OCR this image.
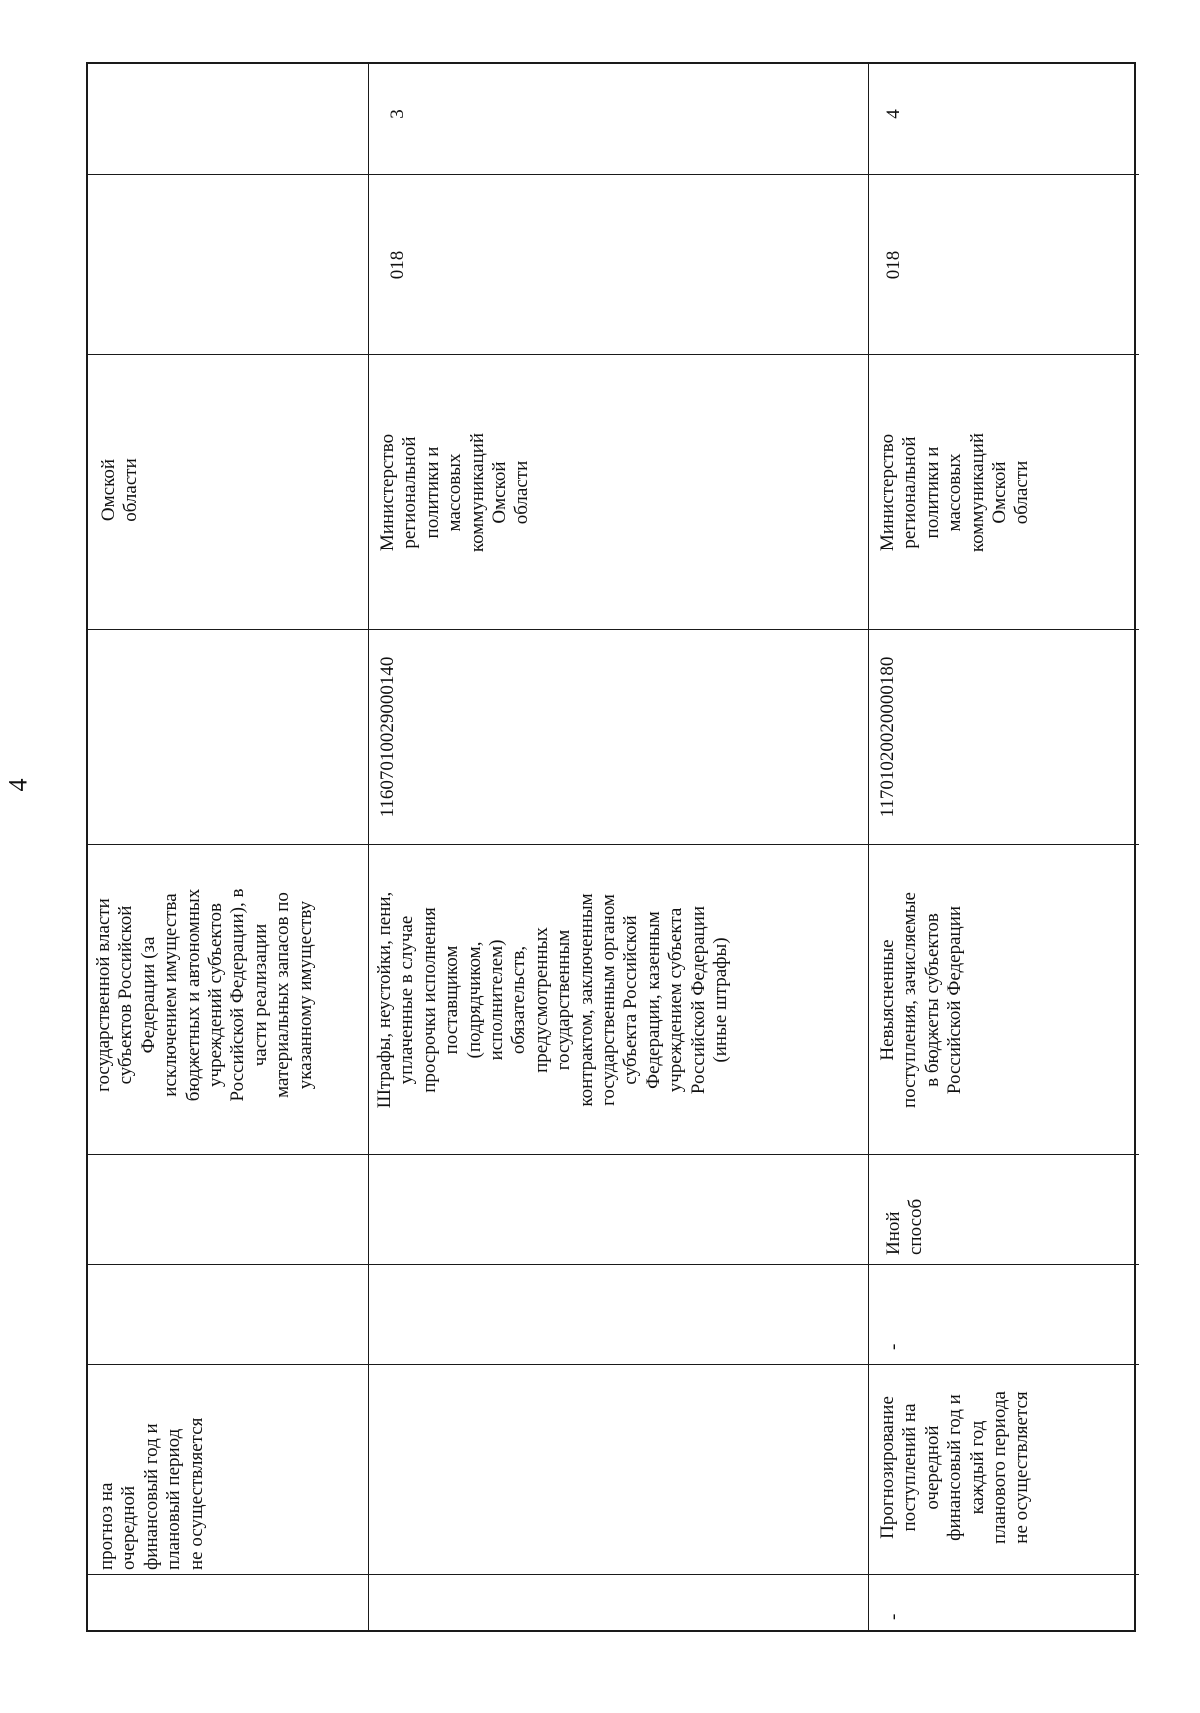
4
Омской
области
государственной власти
субъектов Российской
Федерации (за
исключением имущества
бюджетных и автономных
учреждений субъектов
Российской Федерации), в
части реализации
материальных запасов по
указанному имуществу
прогноз на
очередной
финансовый год и
плановый период
не осуществляется
3
018
Министерство
региональной
политики и
массовых
коммуникаций
Омской
области
11607010029000140
Штрафы, неустойки, пени,
уплаченные в случае
просрочки исполнения
поставщиком
(подрядчиком,
исполнителем)
обязательств,
предусмотренных
государственным
контрактом, заключенным
государственным органом
субъекта Российской
Федерации, казенным
учреждением субъекта
Российской Федерации
(иные штрафы)
4
018
Министерство
региональной
политики и
массовых
коммуникаций
Омской
области
11701020020000180
Невыясненные
поступления, зачисляемые
в бюджеты субъектов
Российской Федерации
Иной
способ
-
Прогнозирование
поступлений на
очередной
финансовый год и
каждый год
планового периода
не осуществляется
-
